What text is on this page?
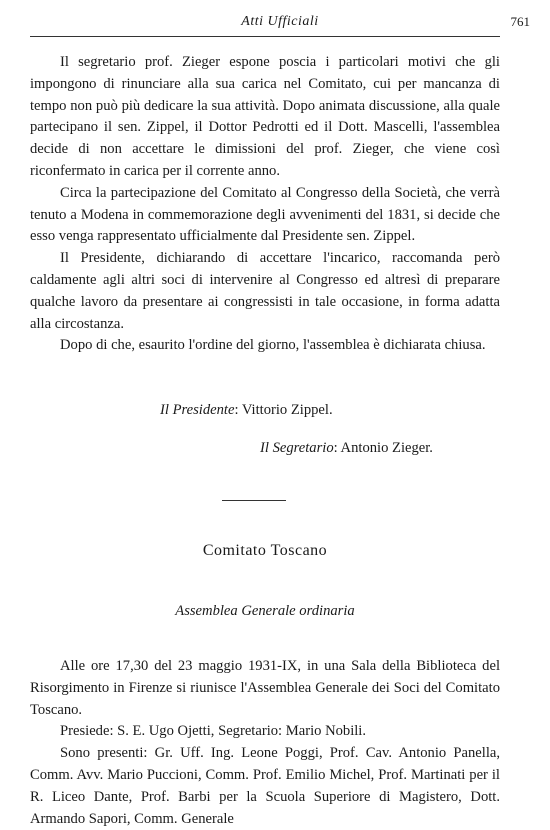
Atti Ufficiali	761

Il segretario prof. Zieger espone poscia i particolari motivi che gli impongono di rinunciare alla sua carica nel Comitato, cui per mancanza di tempo non può più dedicare la sua attività. Dopo animata discussione, alla quale partecipano il sen. Zippel, il Dottor Pedrotti ed il Dott. Mascelli, l'assemblea decide di non accettare le dimissioni del prof. Zieger, che viene così riconfermato in carica per il corrente anno.

Circa la partecipazione del Comitato al Congresso della Società, che verrà tenuto a Modena in commemorazione degli avvenimenti del 1831, si decide che esso venga rappresentato ufficialmente dal Presidente sen. Zippel.

Il Presidente, dichiarando di accettare l'incarico, raccomanda però caldamente agli altri soci di intervenire al Congresso ed altresì di preparare qualche lavoro da presentare ai congressisti in tale occasione, in forma adatta alla circostanza.

Dopo di che, esaurito l'ordine del giorno, l'assemblea è dichiarata chiusa.

Il Presidente: Vittorio Zippel.
Il Segretario: Antonio Zieger.
Comitato Toscano
Assemblea Generale ordinaria

Alle ore 17,30 del 23 maggio 1931-IX, in una Sala della Biblioteca del Risorgimento in Firenze si riunisce l'Assemblea Generale dei Soci del Comitato Toscano.

Presiede: S. E. Ugo Ojetti, Segretario: Mario Nobili.

Sono presenti: Gr. Uff. Ing. Leone Poggi, Prof. Cav. Antonio Panella, Comm. Avv. Mario Puccioni, Comm. Prof. Emilio Michel, Prof. Martinati per il R. Liceo Dante, Prof. Barbi per la Scuola Superiore di Magistero, Dott. Armando Sapori, Comm. Generale
